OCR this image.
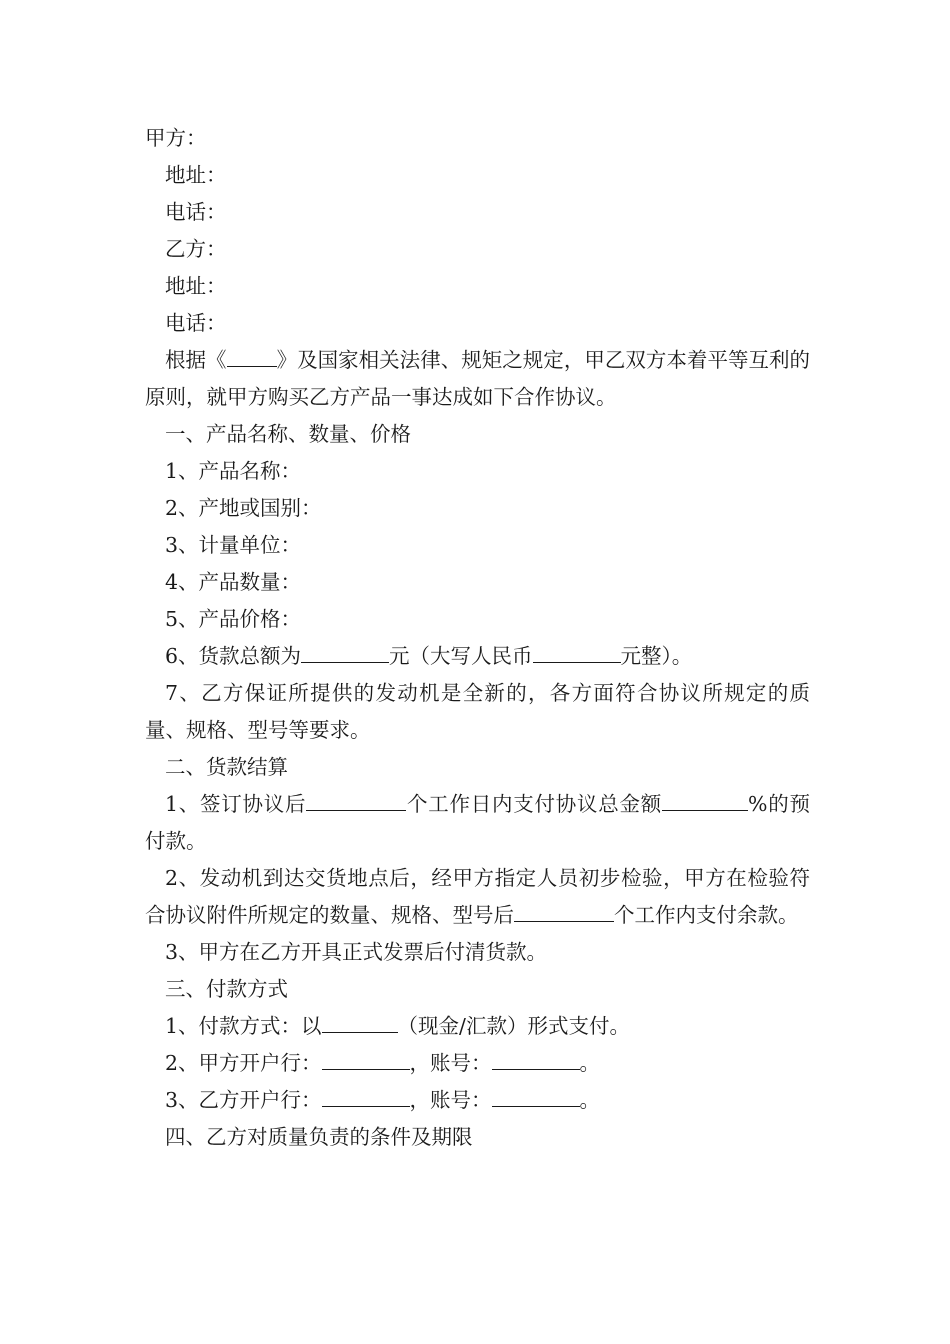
甲方：
地址：
电话：
乙方：
地址：
电话：
根据《 》及国家相关法律、规矩之规定，甲乙双方本着平等互利的原则，就甲方购买乙方产品一事达成如下合作协议。
一、产品名称、数量、价格
1、产品名称：
2、产地或国别：
3、计量单位：
4、产品数量：
5、产品价格：
6、货款总额为	元（大写人民币	元整）。
7、乙方保证所提供的发动机是全新的，各方面符合协议所规定的质量、规格、型号等要求。
二、货款结算
1、签订协议后	个工作日内支付协议总金额	%的预付款。
2、发动机到达交货地点后，经甲方指定人员初步检验，甲方在检验符合协议附件所规定的数量、规格、型号后	个工作内支付余款。
3、甲方在乙方开具正式发票后付清货款。
三、付款方式
1、付款方式：以	（现金/汇款）形式支付。
2、甲方开户行：	，账号：	。
3、乙方开户行：	，账号：	。
四、乙方对质量负责的条件及期限
